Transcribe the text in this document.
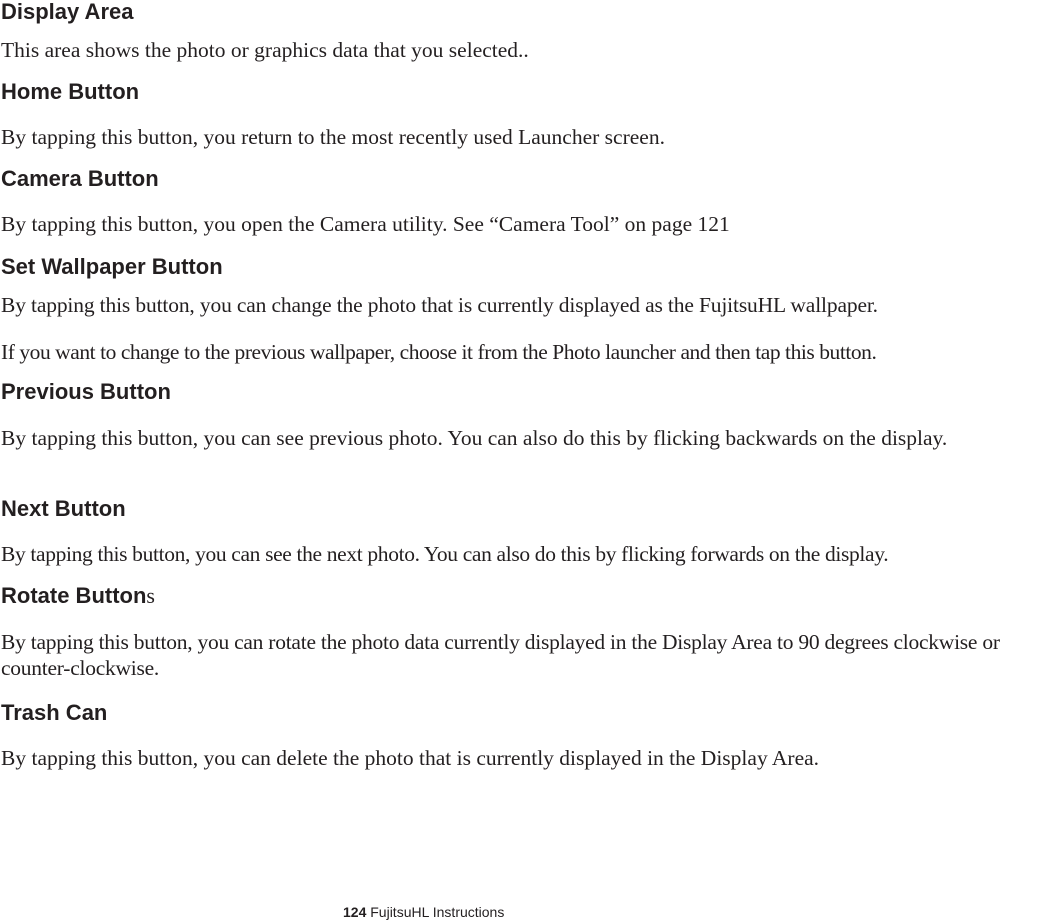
Display Area

This area shows the photo or graphics data that you selected..

Home Button

By tapping this button, you return to the most recently used Launcher screen.

Camera Button

By tapping this button, you open the Camera utility. See “Camera Tool” on page 121

Set Wallpaper Button

By tapping this button, you can change the photo that is currently displayed as the FujitsuHL wallpaper.

If you want to change to the previous wallpaper, choose it from the Photo launcher and then tap this button.

Previous Button

By tapping this button, you can see previous photo. You can also do this by flicking backwards on the display.

Next Button

By tapping this button, you can see the next photo. You can also do this by flicking forwards on the display.

Rotate Buttons

By tapping this button, you can rotate the photo data currently displayed in the Display Area to 90 degrees clockwise or counter-clockwise.

Trash Can

By tapping this button, you can delete the photo that is currently displayed in the Display Area.

124 FujitsuHL Instructions
